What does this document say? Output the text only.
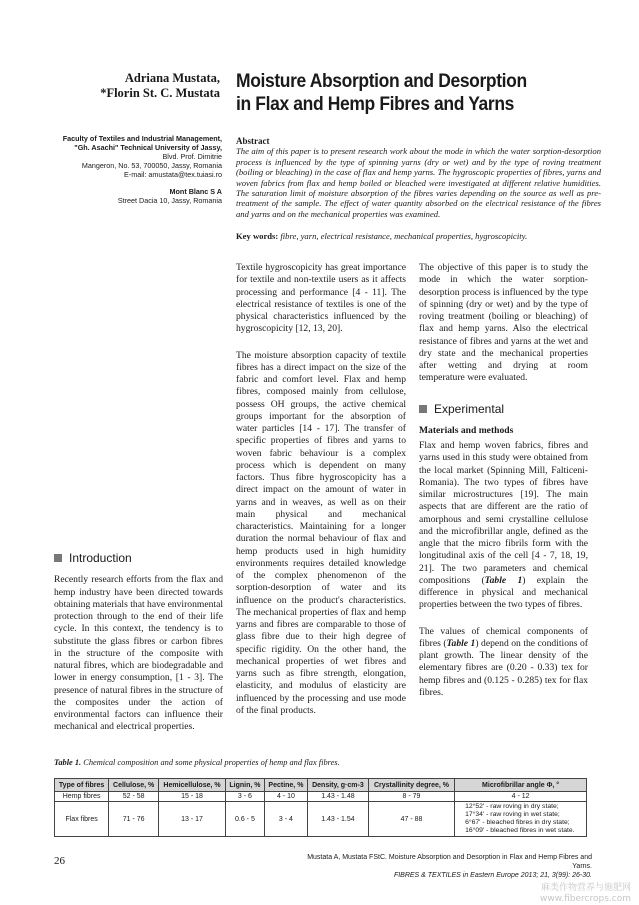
Adriana Mustata,
*Florin St. C. Mustata
Moisture Absorption and Desorption
in Flax and Hemp Fibres and Yarns
Faculty of Textiles and Industrial Management,
"Gh. Asachi" Technical University of Jassy,
Blvd. Prof. Dimitrie
Mangeron, No. 53, 700050, Jassy, Romania
E-mail: amustata@tex.tuiasi.ro
Mont Blanc S A
Street Dacia 10, Jassy, Romania
Abstract
The aim of this paper is to present research work about the mode in which the water sorption-desorption process is influenced by the type of spinning yarns (dry or wet) and by the type of roving treatment (boiling or bleaching) in the case of flax and hemp yarns. The hygroscopic properties of fibres, yarns and woven fabrics from flax and hemp boiled or bleached were investigated at different relative humidities. The saturation limit of moisture absorption of the fibres varies depending on the source as well as pre-treatment of the sample. The effect of water quantity absorbed on the electrical resistance of the fibres and yarns and on the mechanical properties was examined.
Key words: fibre, yarn, electrical resistance, mechanical properties, hygroscopicity.

Textile hygroscopicity has great importance for textile and non-textile users as it affects processing and performance [4 - 11]. The electrical resistance of textiles is one of the physical characteristics influenced by the hygroscopicity [12, 13, 20].

The moisture absorption capacity of textile fibres has a direct impact on the size of the fabric and comfort level. Flax and hemp fibres, composed mainly from cellulose, possess OH groups, the active chemical groups important for the absorption of water particles [14 - 17]. The transfer of specific properties of fibres and yarns to woven fabric behaviour is a complex process which is dependent on many factors. Thus fibre hygroscopicity has a direct impact on the amount of water in yarns and in weaves, as well as on their main physical and mechanical characteristics. Maintaining for a longer duration the normal behaviour of flax and hemp products used in high humidity environments requires detailed knowledge of the complex phenomenon of the sorption-desorption of water and its influence on the product's characteristics. The mechanical properties of flax and hemp yarns and fibres are comparable to those of glass fibre due to their high degree of specific rigidity. On the other hand, the mechanical properties of wet fibres and yarns such as fibre strength, elongation, elasticity, and modulus of elasticity are influenced by the processing and use mode of the final products.

The objective of this paper is to study the mode in which the water sorption-desorption process is influenced by the type of spinning (dry or wet) and by the type of roving treatment (boiling or bleaching) of flax and hemp yarns. Also the electrical resistance of fibres and yarns at the wet and dry state and the mechanical properties after wetting and drying at room temperature were evaluated.

Experimental
Materials and methods

Flax and hemp woven fabrics, fibres and yarns used in this study were obtained from the local market (Spinning Mill, Falticeni-Romania). The two types of fibres have similar microstructures [19]. The main aspects that are different are the ratio of amorphous and semi crystalline cellulose and the microfibrillar angle, defined as the angle that the micro fibrils form with the longitudinal axis of the cell [4 - 7, 18, 19, 21]. The two parameters and chemical compositions (Table 1) explain the difference in physical and mechanical properties between the two types of fibres.

The values of chemical components of fibres (Table 1) depend on the conditions of plant growth. The linear density of the elementary fibres are (0.20 - 0.33) tex for hemp fibres and (0.125 - 0.285) tex for flax fibres.

Introduction

Recently research efforts from the flax and hemp industry have been directed towards obtaining materials that have environmental protection through to the end of their life cycle. In this context, the tendency is to substitute the glass fibres or carbon fibres in the structure of the composite with natural fibres, which are biodegradable and lower in energy consumption, [1 - 3]. The presence of natural fibres in the structure of the composites under the action of environmental factors can influence their mechanical and electrical properties.

Table 1. Chemical composition and some physical properties of hemp and flax fibres.
Type of fibres	Cellulose, %	Hemicellulose, %	Lignin, %	Pectine, %	Density, g·cm-3	Crystallinity degree, %	Microfibrillar angle Φ, °
Hemp fibres	52 - 58	15 - 18	3 - 6	4 - 10	1.43 - 1.48	8 - 79	4 - 12
Flax fibres	71 - 76	13 - 17	0.6 - 5	3 - 4	1.43 - 1.54	47 - 88	12°52' - raw roving in dry state;
17°34' - raw roving in wet state;
6°67' - bleached fibres in dry state;
16°09' - bleached fibres in wet state.
26	Mustata A, Mustata FStC. Moisture Absorption and Desorption in Flax and Hemp Fibres and Yarns.
FIBRES & TEXTILES in Eastern Europe 2013; 21, 3(99): 26-30.
麻类作物营养与施肥网
www.fibercrops.com
